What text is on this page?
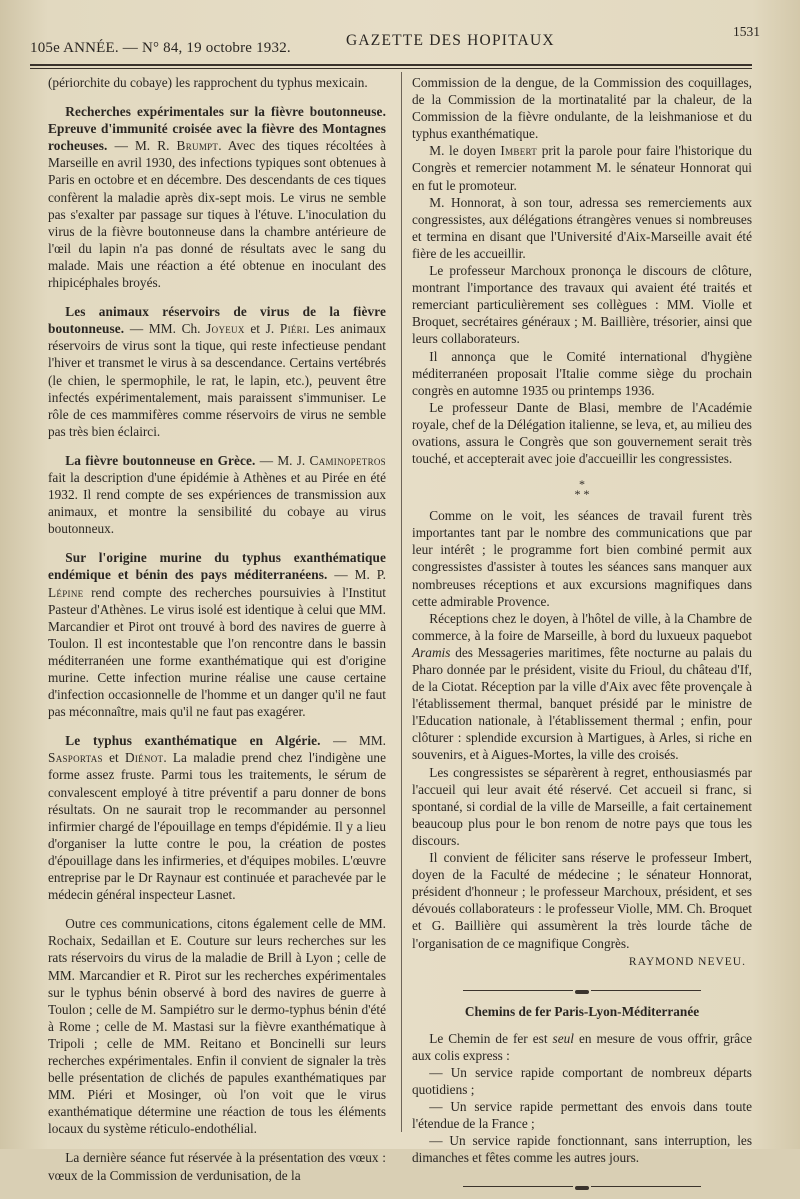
105e ANNÉE. — N° 84, 19 octobre 1932.	GAZETTE DES HOPITAUX
1531

(périorchite du cobaye) les rapprochent du typhus mexicain.

Recherches expérimentales sur la fièvre boutonneuse. Epreuve d'immunité croisée avec la fièvre des Montagnes rocheuses. — M. R. Brumpt. Avec des tiques récoltées à Marseille en avril 1930, des infections typiques sont obtenues à Paris en octobre et en décembre. Des descendants de ces tiques confèrent la maladie après dix-sept mois. Le virus ne semble pas s'exalter par passage sur tiques à l'étuve. L'inoculation du virus de la fièvre boutonneuse dans la chambre antérieure de l'œil du lapin n'a pas donné de résultats avec le sang du malade. Mais une réaction a été obtenue en inoculant des rhipicéphales broyés.

Les animaux réservoirs de virus de la fièvre boutonneuse. — MM. Ch. Joyeux et J. Piéri. Les animaux réservoirs de virus sont la tique, qui reste infectieuse pendant l'hiver et transmet le virus à sa descendance. Certains vertébrés (le chien, le spermophile, le rat, le lapin, etc.), peuvent être infectés expérimentalement, mais paraissent s'immuniser. Le rôle de ces mammifères comme réservoirs de virus ne semble pas très bien éclairci.

La fièvre boutonneuse en Grèce. — M. J. Caminopetros fait la description d'une épidémie à Athènes et au Pirée en été 1932. Il rend compte de ses expériences de transmission aux animaux, et montre la sensibilité du cobaye au virus boutonneux.

Sur l'origine murine du typhus exanthématique endémique et bénin des pays méditerranéens. — M. P. Lépine rend compte des recherches poursuivies à l'Institut Pasteur d'Athènes. Le virus isolé est identique à celui que MM. Marcandier et Pirot ont trouvé à bord des navires de guerre à Toulon. Il est incontestable que l'on rencontre dans le bassin méditerranéen une forme exanthématique qui est d'origine murine. Cette infection murine réalise une cause certaine d'infection occasionnelle de l'homme et un danger qu'il ne faut pas méconnaître, mais qu'il ne faut pas exagérer.

Le typhus exanthématique en Algérie. — MM. Sasportas et Diénot. La maladie prend chez l'indigène une forme assez fruste. Parmi tous les traitements, le sérum de convalescent employé à titre préventif a paru donner de bons résultats. On ne saurait trop le recommander au personnel infirmier chargé de l'épouillage en temps d'épidémie. Il y a lieu d'organiser la lutte contre le pou, la création de postes d'épouillage dans les infirmeries, et d'équipes mobiles. L'œuvre entreprise par le Dr Raynaur est continuée et parachevée par le médecin général inspecteur Lasnet.

Outre ces communications, citons également celle de MM. Rochaix, Sedaillan et E. Couture sur leurs recherches sur les rats réservoirs du virus de la maladie de Brill à Lyon ; celle de MM. Marcandier et R. Pirot sur les recherches expérimentales sur le typhus bénin observé à bord des navires de guerre à Toulon ; celle de M. Sampiétro sur le dermo-typhus bénin d'été à Rome ; celle de M. Mastasi sur la fièvre exanthématique à Tripoli ; celle de MM. Reitano et Boncinelli sur leurs recherches expérimentales. Enfin il convient de signaler la très belle présentation de clichés de papules exanthématiques par MM. Piéri et Mosinger, où l'on voit que le virus exanthématique détermine une réaction de tous les éléments locaux du système réticulo-endothélial.

La dernière séance fut réservée à la présentation des vœux : vœux de la Commission de verdunisation, de la

Commission de la dengue, de la Commission des coquillages, de la Commission de la mortinatalité par la chaleur, de la Commission de la fièvre ondulante, de la leishmaniose et du typhus exanthématique.

M. le doyen Imbert prit la parole pour faire l'historique du Congrès et remercier notamment M. le sénateur Honnorat qui en fut le promoteur.

M. Honnorat, à son tour, adressa ses remerciements aux congressistes, aux délégations étrangères venues si nombreuses et termina en disant que l'Université d'Aix-Marseille avait été fière de les accueillir.

Le professeur Marchoux prononça le discours de clôture, montrant l'importance des travaux qui avaient été traités et remerciant particulièrement ses collègues : MM. Violle et Broquet, secrétaires généraux ; M. Baillière, trésorier, ainsi que leurs collaborateurs.

Il annonça que le Comité international d'hygiène méditerranéen proposait l'Italie comme siège du prochain congrès en automne 1935 ou printemps 1936.

Le professeur Dante de Blasi, membre de l'Académie royale, chef de la Délégation italienne, se leva, et, au milieu des ovations, assura le Congrès que son gouvernement serait très touché, et accepterait avec joie d'accueillir les congressistes.

*
* *

Comme on le voit, les séances de travail furent très importantes tant par le nombre des communications que par leur intérêt ; le programme fort bien combiné permit aux congressistes d'assister à toutes les séances sans manquer aux nombreuses réceptions et aux excursions magnifiques dans cette admirable Provence.

Réceptions chez le doyen, à l'hôtel de ville, à la Chambre de commerce, à la foire de Marseille, à bord du luxueux paquebot Aramis des Messageries maritimes, fête nocturne au palais du Pharo donnée par le président, visite du Frioul, du château d'If, de la Ciotat. Réception par la ville d'Aix avec fête provençale à l'établissement thermal, banquet présidé par le ministre de l'Education nationale, à l'établissement thermal ; enfin, pour clôturer : splendide excursion à Martigues, à Arles, si riche en souvenirs, et à Aigues-Mortes, la ville des croisés.

Les congressistes se séparèrent à regret, enthousiasmés par l'accueil qui leur avait été réservé. Cet accueil si franc, si spontané, si cordial de la ville de Marseille, a fait certainement beaucoup plus pour le bon renom de notre pays que tous les discours.

Il convient de féliciter sans réserve le professeur Imbert, doyen de la Faculté de médecine ; le sénateur Honnorat, président d'honneur ; le professeur Marchoux, président, et ses dévoués collaborateurs : le professeur Violle, MM. Ch. Broquet et G. Baillière qui assumèrent la très lourde tâche de l'organisation de ce magnifique Congrès.

RAYMOND NEVEU.
Chemins de fer Paris-Lyon-Méditerranée

Le Chemin de fer est seul en mesure de vous offrir, grâce aux colis express :

— Un service rapide comportant de nombreux départs quotidiens ;

— Un service rapide permettant des envois dans toute l'étendue de la France ;

— Un service rapide fonctionnant, sans interruption, les dimanches et fêtes comme les autres jours.
